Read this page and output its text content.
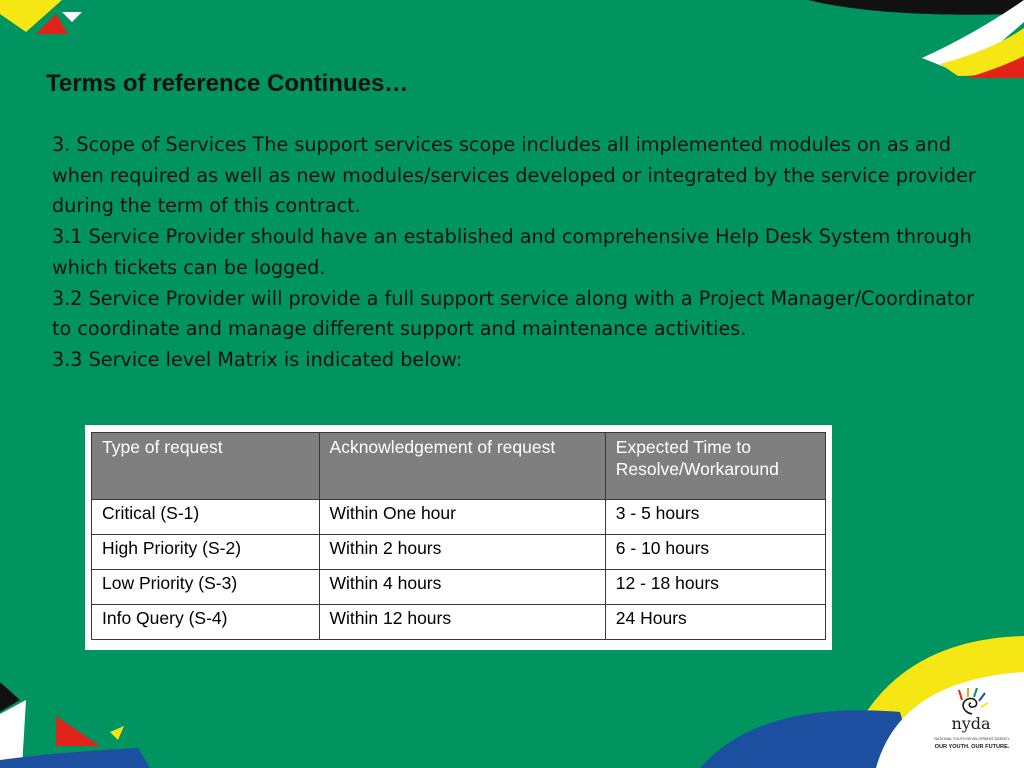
Terms of reference Continues…

3. Scope of Services The support services scope includes all implemented modules on as and when required as well as new modules/services developed or integrated by the service provider during the term of this contract.

3.1 Service Provider should have an established and comprehensive Help Desk System through which tickets can be logged.

3.2 Service Provider will provide a full support service along with a Project Manager/Coordinator to coordinate and manage different support and maintenance activities.

3.3 Service level Matrix is indicated below:

Type of request	Acknowledgement of request	Expected Time to Resolve/Workaround
Critical (S-1)	Within One hour	3 - 5 hours
High Priority (S-2)	Within 2 hours	6 - 10 hours
Low Priority (S-3)	Within 4 hours	12 - 18 hours
Info Query (S-4)	Within 12 hours	24 Hours
nyda
NATIONAL YOUTH DEVELOPMENT AGENCY
OUR YOUTH. OUR FUTURE.
